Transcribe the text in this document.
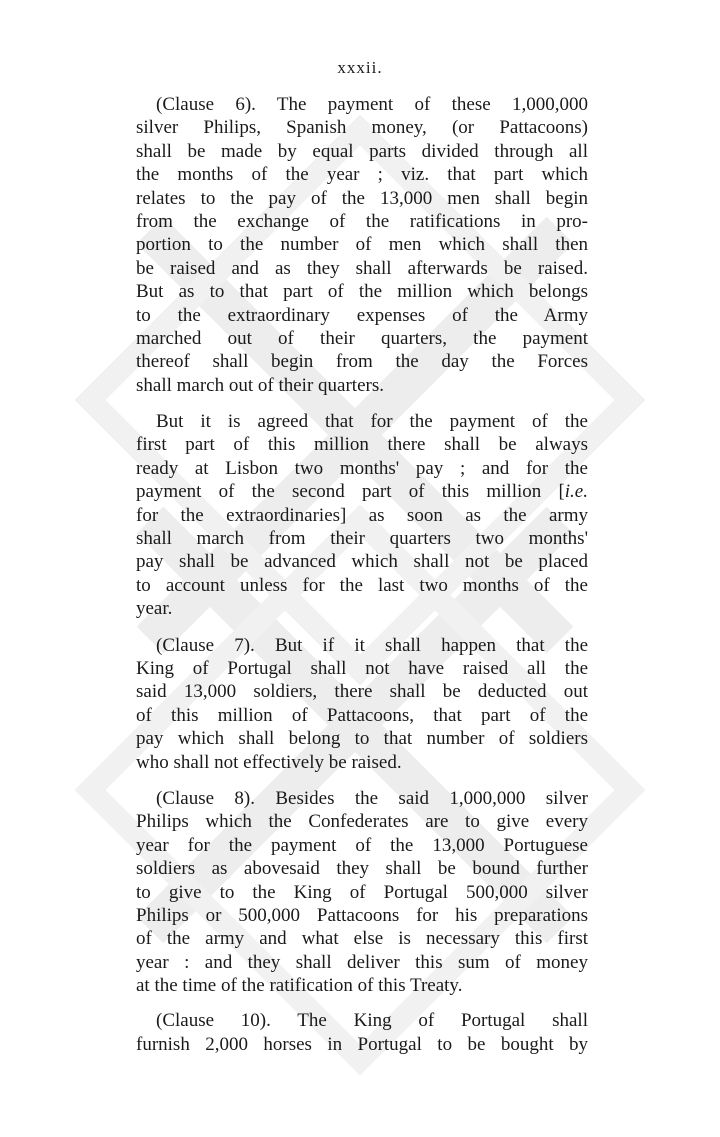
xxxii.

(Clause 6). The payment of these 1,000,000
silver Philips, Spanish money, (or Pattacoons)
shall be made by equal parts divided through all
the months of the year ; viz. that part which
relates to the pay of the 13,000 men shall begin
from the exchange of the ratifications in pro-
portion to the number of men which shall then
be raised and as they shall afterwards be raised.
But as to that part of the million which belongs
to the extraordinary expenses of the Army
marched out of their quarters, the payment
thereof shall begin from the day the Forces
shall march out of their quarters.

But it is agreed that for the payment of the
first part of this million there shall be always
ready at Lisbon two months' pay ; and for the
payment of the second part of this million [i.e.
for the extraordinaries] as soon as the army
shall march from their quarters two months'
pay shall be advanced which shall not be placed
to account unless for the last two months of the
year.

(Clause 7). But if it shall happen that the
King of Portugal shall not have raised all the
said 13,000 soldiers, there shall be deducted out
of this million of Pattacoons, that part of the
pay which shall belong to that number of soldiers
who shall not effectively be raised.

(Clause 8). Besides the said 1,000,000 silver
Philips which the Confederates are to give every
year for the payment of the 13,000 Portuguese
soldiers as abovesaid they shall be bound further
to give to the King of Portugal 500,000 silver
Philips or 500,000 Pattacoons for his preparations
of the army and what else is necessary this first
year : and they shall deliver this sum of money
at the time of the ratification of this Treaty.

(Clause 10). The King of Portugal shall
furnish 2,000 horses in Portugal to be bought by
